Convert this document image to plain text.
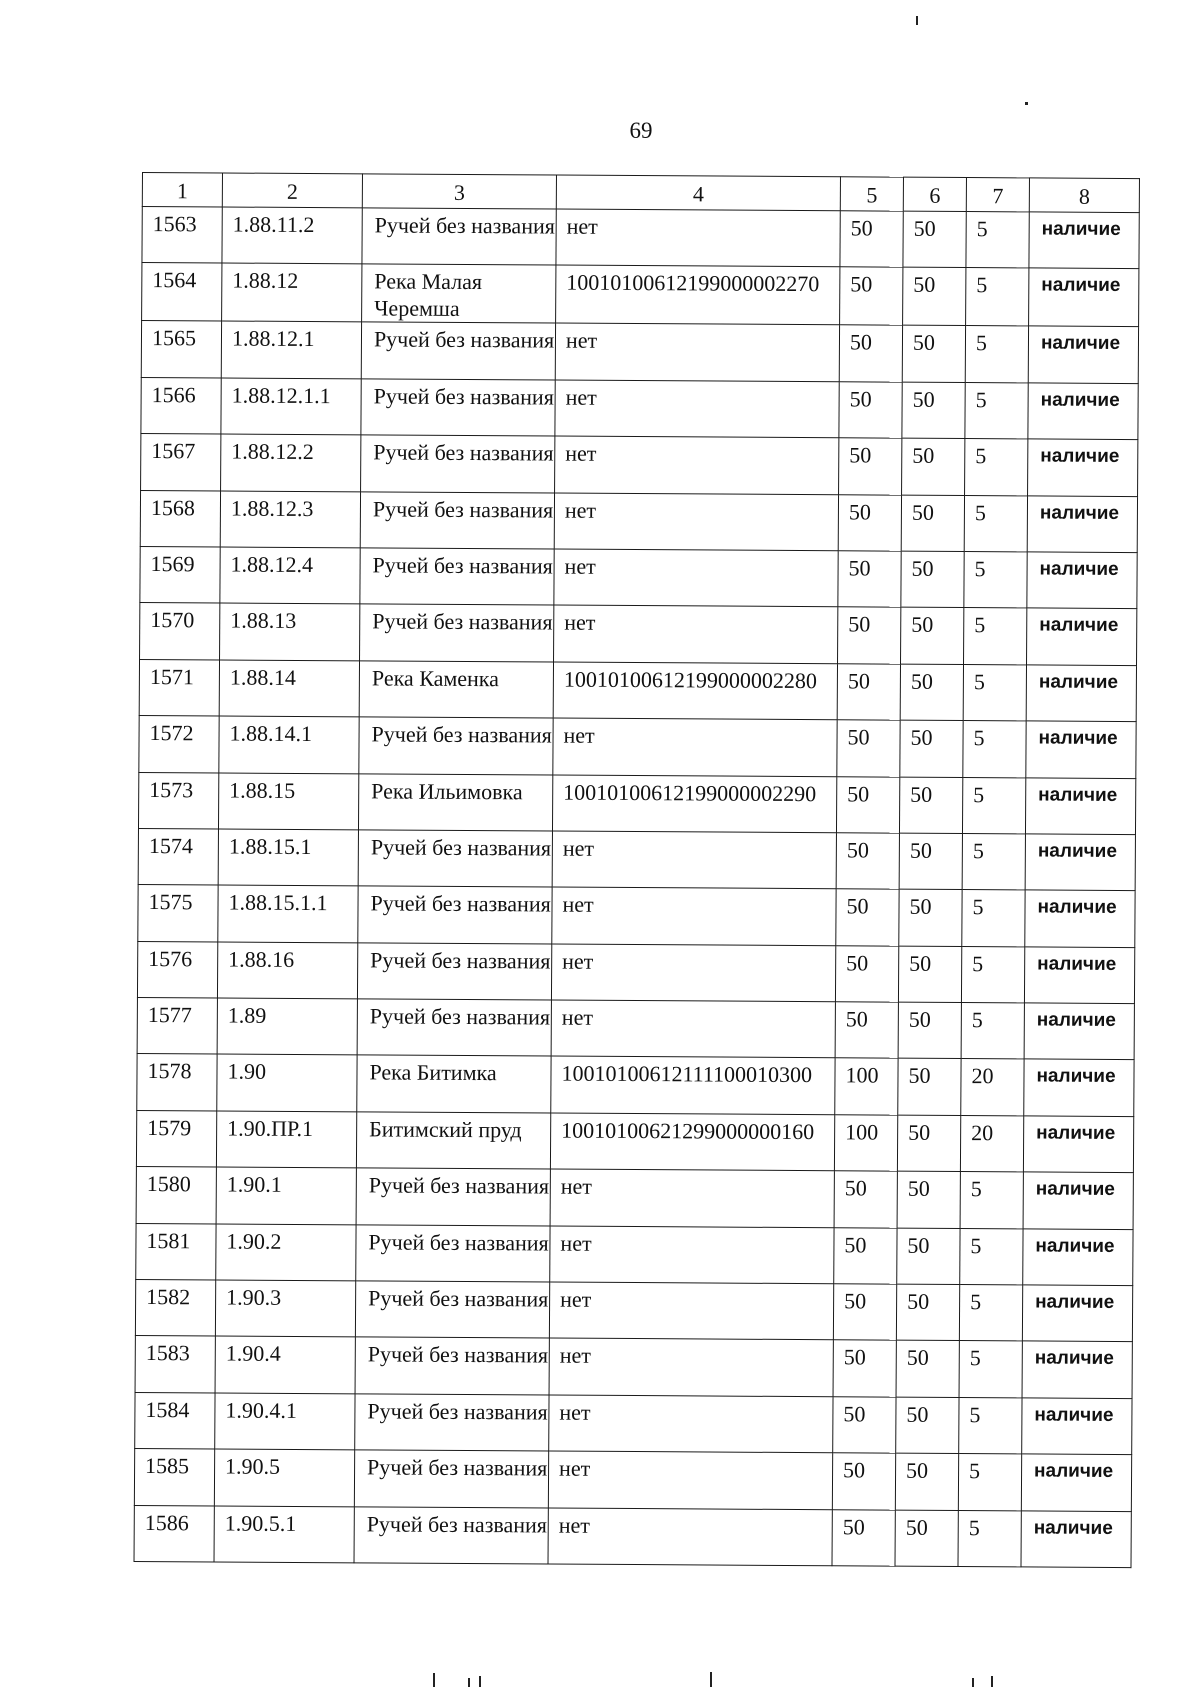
69
1	2	3	4	5	6	7	8
1563	1.88.11.2	Ручей без названия	нет	50	50	5	наличие
1564	1.88.12	Река Малая Черемша	10010100612199000002270	50	50	5	наличие
1565	1.88.12.1	Ручей без названия	нет	50	50	5	наличие
1566	1.88.12.1.1	Ручей без названия	нет	50	50	5	наличие
1567	1.88.12.2	Ручей без названия	нет	50	50	5	наличие
1568	1.88.12.3	Ручей без названия	нет	50	50	5	наличие
1569	1.88.12.4	Ручей без названия	нет	50	50	5	наличие
1570	1.88.13	Ручей без названия	нет	50	50	5	наличие
1571	1.88.14	Река Каменка	10010100612199000002280	50	50	5	наличие
1572	1.88.14.1	Ручей без названия	нет	50	50	5	наличие
1573	1.88.15	Река Ильимовка	10010100612199000002290	50	50	5	наличие
1574	1.88.15.1	Ручей без названия	нет	50	50	5	наличие
1575	1.88.15.1.1	Ручей без названия	нет	50	50	5	наличие
1576	1.88.16	Ручей без названия	нет	50	50	5	наличие
1577	1.89	Ручей без названия	нет	50	50	5	наличие
1578	1.90	Река Битимка	10010100612111100010300	100	50	20	наличие
1579	1.90.ПР.1	Битимский пруд	10010100621299000000160	100	50	20	наличие
1580	1.90.1	Ручей без названия	нет	50	50	5	наличие
1581	1.90.2	Ручей без названия	нет	50	50	5	наличие
1582	1.90.3	Ручей без названия	нет	50	50	5	наличие
1583	1.90.4	Ручей без названия	нет	50	50	5	наличие
1584	1.90.4.1	Ручей без названия	нет	50	50	5	наличие
1585	1.90.5	Ручей без названия	нет	50	50	5	наличие
1586	1.90.5.1	Ручей без названия	нет	50	50	5	наличие
